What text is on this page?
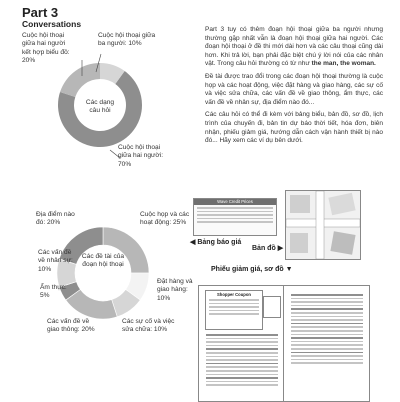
Part 3
Conversations
Cuộc hội thoại
giữa hai người
kết hợp biểu đồ:
20%
Cuộc hội thoại giữa
ba người: 10%
Các dạng
câu hỏi
Cuộc hội thoại
giữa hai người:
70%

Part 3 tuy có thêm đoạn hội thoại giữa ba người nhưng thường gặp nhất vẫn là đoạn hội thoại giữa hai người. Các đoạn hội thoại ở đề thi mới dài hơn và các câu thoại cũng dài hơn. Khi trả lời, bạn phải đặc biệt chú ý lời nói của các nhân vật. Trong câu hỏi thường có từ như the man, the woman.

Đề tài được trao đổi trong các đoạn hội thoại thường là cuộc họp và các hoạt động, việc đặt hàng và giao hàng, các sự cố và việc sửa chữa, các vấn đề về giao thông, ẩm thực, các vấn đề về nhân sự, địa điểm nào đó...

Các câu hỏi có thể đi kèm với bảng biểu, bản đồ, sơ đồ, lịch trình của chuyến đi, bản tin dự báo thời tiết, hóa đơn, biên nhận, phiếu giảm giá, hướng dẫn cách vận hành thiết bị nào đó... Hãy xem các ví dụ bên dưới.

Địa điểm nào
đó: 20%
Cuộc họp và các
hoạt động: 25%
Các vấn đề
về nhân sự:
10%
Ẩm thực:
5%
Các đề tài của
đoạn hội thoại
Đặt hàng và
giao hàng:
10%
Các vấn đề về
giao thông: 20%
Các sự cố và việc
sửa chữa: 10%
Wave Credit Prices
◀ Bảng báo giá
Bản đồ ▶
Phiếu giảm giá, sơ đồ ▼
Shopper Coupon
